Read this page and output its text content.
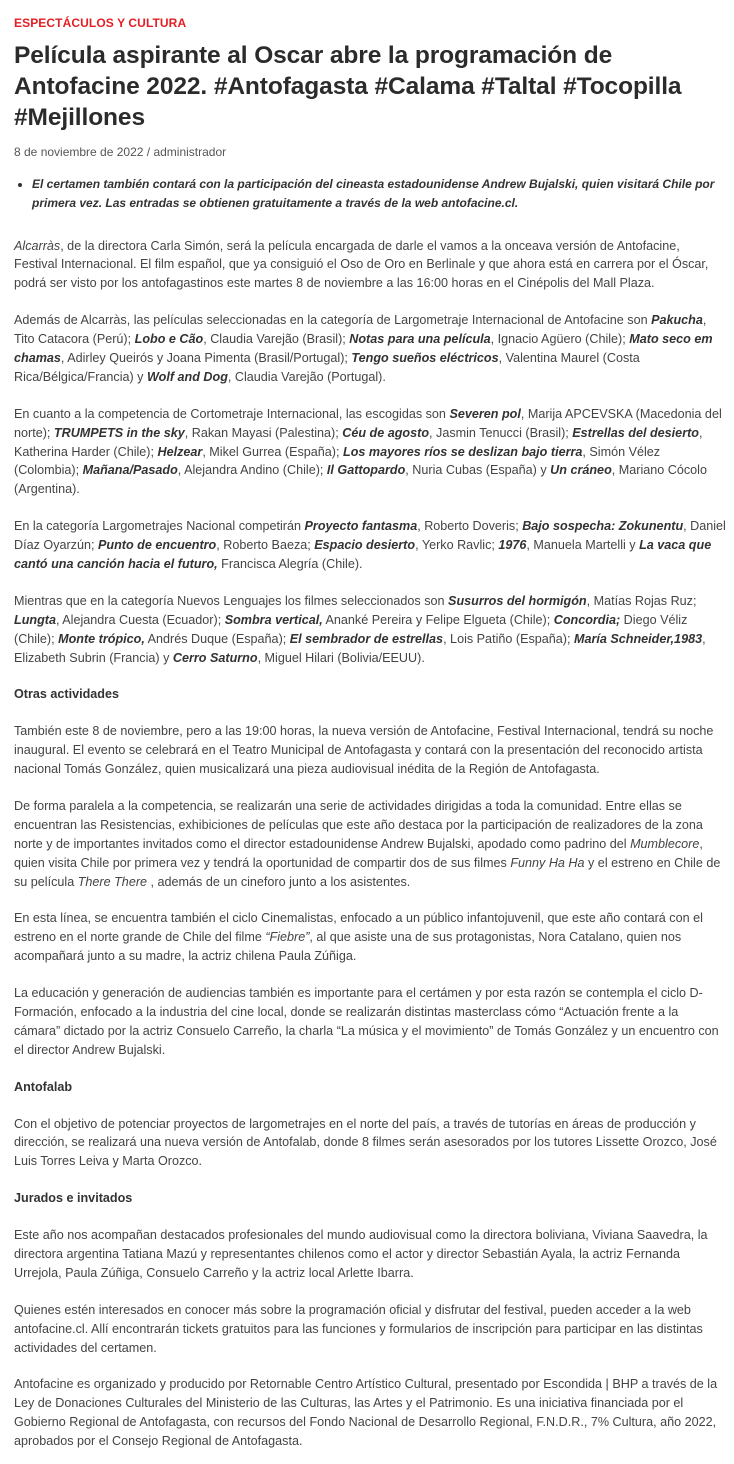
ESPECTÁCULOS Y CULTURA
Película aspirante al Oscar abre la programación de Antofacine 2022. #Antofagasta #Calama #Taltal #Tocopilla #Mejillones
8 de noviembre de 2022 / administrador
• El certamen también contará con la participación del cineasta estadounidense Andrew Bujalski, quien visitará Chile por primera vez. Las entradas se obtienen gratuitamente a través de la web antofacine.cl.

Alcarràs, de la directora Carla Simón, será la película encargada de darle el vamos a la onceava versión de Antofacine, Festival Internacional. El film español, que ya consiguió el Oso de Oro en Berlinale y que ahora está en carrera por el Óscar, podrá ser visto por los antofagastinos este martes 8 de noviembre a las 16:00 horas en el Cinépolis del Mall Plaza.

Además de Alcarràs, las películas seleccionadas en la categoría de Largometraje Internacional de Antofacine son Pakucha, Tito Catacora (Perú); Lobo e Cão, Claudia Varejão (Brasil); Notas para una película, Ignacio Agüero (Chile); Mato seco em chamas, Adirley Queirós y Joana Pimenta (Brasil/Portugal); Tengo sueños eléctricos, Valentina Maurel (Costa Rica/Bélgica/Francia) y Wolf and Dog, Claudia Varejão (Portugal).

En cuanto a la competencia de Cortometraje Internacional, las escogidas son Severen pol, Marija APCEVSKA (Macedonia del norte); TRUMPETS in the sky, Rakan Mayasi (Palestina); Céu de agosto, Jasmin Tenucci (Brasil); Estrellas del desierto, Katherina Harder (Chile); Helzear, Mikel Gurrea (España); Los mayores ríos se deslizan bajo tierra, Simón Vélez (Colombia); Mañana/Pasado, Alejandra Andino (Chile); Il Gattopardo, Nuria Cubas (España) y Un cráneo, Mariano Cócolo (Argentina).

En la categoría Largometrajes Nacional competirán Proyecto fantasma, Roberto Doveris; Bajo sospecha: Zokunentu, Daniel Díaz Oyarzún; Punto de encuentro, Roberto Baeza; Espacio desierto, Yerko Ravlic; 1976, Manuela Martelli y La vaca que cantó una canción hacia el futuro, Francisca Alegría (Chile).

Mientras que en la categoría Nuevos Lenguajes los filmes seleccionados son Susurros del hormigón, Matías Rojas Ruz; Lungta, Alejandra Cuesta (Ecuador); Sombra vertical, Ananké Pereira y Felipe Elgueta (Chile); Concordia; Diego Véliz (Chile); Monte trópico, Andrés Duque (España); El sembrador de estrellas, Lois Patiño (España); María Schneider,1983, Elizabeth Subrin (Francia) y Cerro Saturno, Miguel Hilari (Bolivia/EEUU).

Otras actividades

También este 8 de noviembre, pero a las 19:00 horas, la nueva versión de Antofacine, Festival Internacional, tendrá su noche inaugural. El evento se celebrará en el Teatro Municipal de Antofagasta y contará con la presentación del reconocido artista nacional Tomás González, quien musicalizará una pieza audiovisual inédita de la Región de Antofagasta.

De forma paralela a la competencia, se realizarán una serie de actividades dirigidas a toda la comunidad. Entre ellas se encuentran las Resistencias, exhibiciones de películas que este año destaca por la participación de realizadores de la zona norte y de importantes invitados como el director estadounidense Andrew Bujalski, apodado como padrino del Mumblecore, quien visita Chile por primera vez y tendrá la oportunidad de compartir dos de sus filmes Funny Ha Ha y el estreno en Chile de su película There There , además de un cineforo junto a los asistentes.

En esta línea, se encuentra también el ciclo Cinemalistas, enfocado a un público infantojuvenil, que este año contará con el estreno en el norte grande de Chile del filme “Fiebre”, al que asiste una de sus protagonistas, Nora Catalano, quien nos acompañará junto a su madre, la actriz chilena Paula Zúñiga.

La educación y generación de audiencias también es importante para el certámen y por esta razón se contempla el ciclo D- Formación, enfocado a la industria del cine local, donde se realizarán distintas masterclass cómo “Actuación frente a la cámara” dictado por la actriz Consuelo Carreño, la charla “La música y el movimiento” de Tomás González y un encuentro con el director Andrew Bujalski.

Antofalab

Con el objetivo de potenciar proyectos de largometrajes en el norte del país, a través de tutorías en áreas de producción y dirección, se realizará una nueva versión de Antofalab, donde 8 filmes serán asesorados por los tutores Lissette Orozco, José Luis Torres Leiva y Marta Orozco.

Jurados e invitados

Este año nos acompañan destacados profesionales del mundo audiovisual como la directora boliviana, Viviana Saavedra, la directora argentina Tatiana Mazú y representantes chilenos como el actor y director Sebastián Ayala, la actriz Fernanda Urrejola, Paula Zúñiga, Consuelo Carreño y la actriz local Arlette Ibarra.

Quienes estén interesados en conocer más sobre la programación oficial y disfrutar del festival, pueden acceder a la web antofacine.cl. Allí encontrarán tickets gratuitos para las funciones y formularios de inscripción para participar en las distintas actividades del certamen.

Antofacine es organizado y producido por Retornable Centro Artístico Cultural, presentado por Escondida | BHP a través de la Ley de Donaciones Culturales del Ministerio de las Culturas, las Artes y el Patrimonio. Es una iniciativa financiada por el Gobierno Regional de Antofagasta, con recursos del Fondo Nacional de Desarrollo Regional, F.N.D.R., 7% Cultura, año 2022, aprobados por el Consejo Regional de Antofagasta.
